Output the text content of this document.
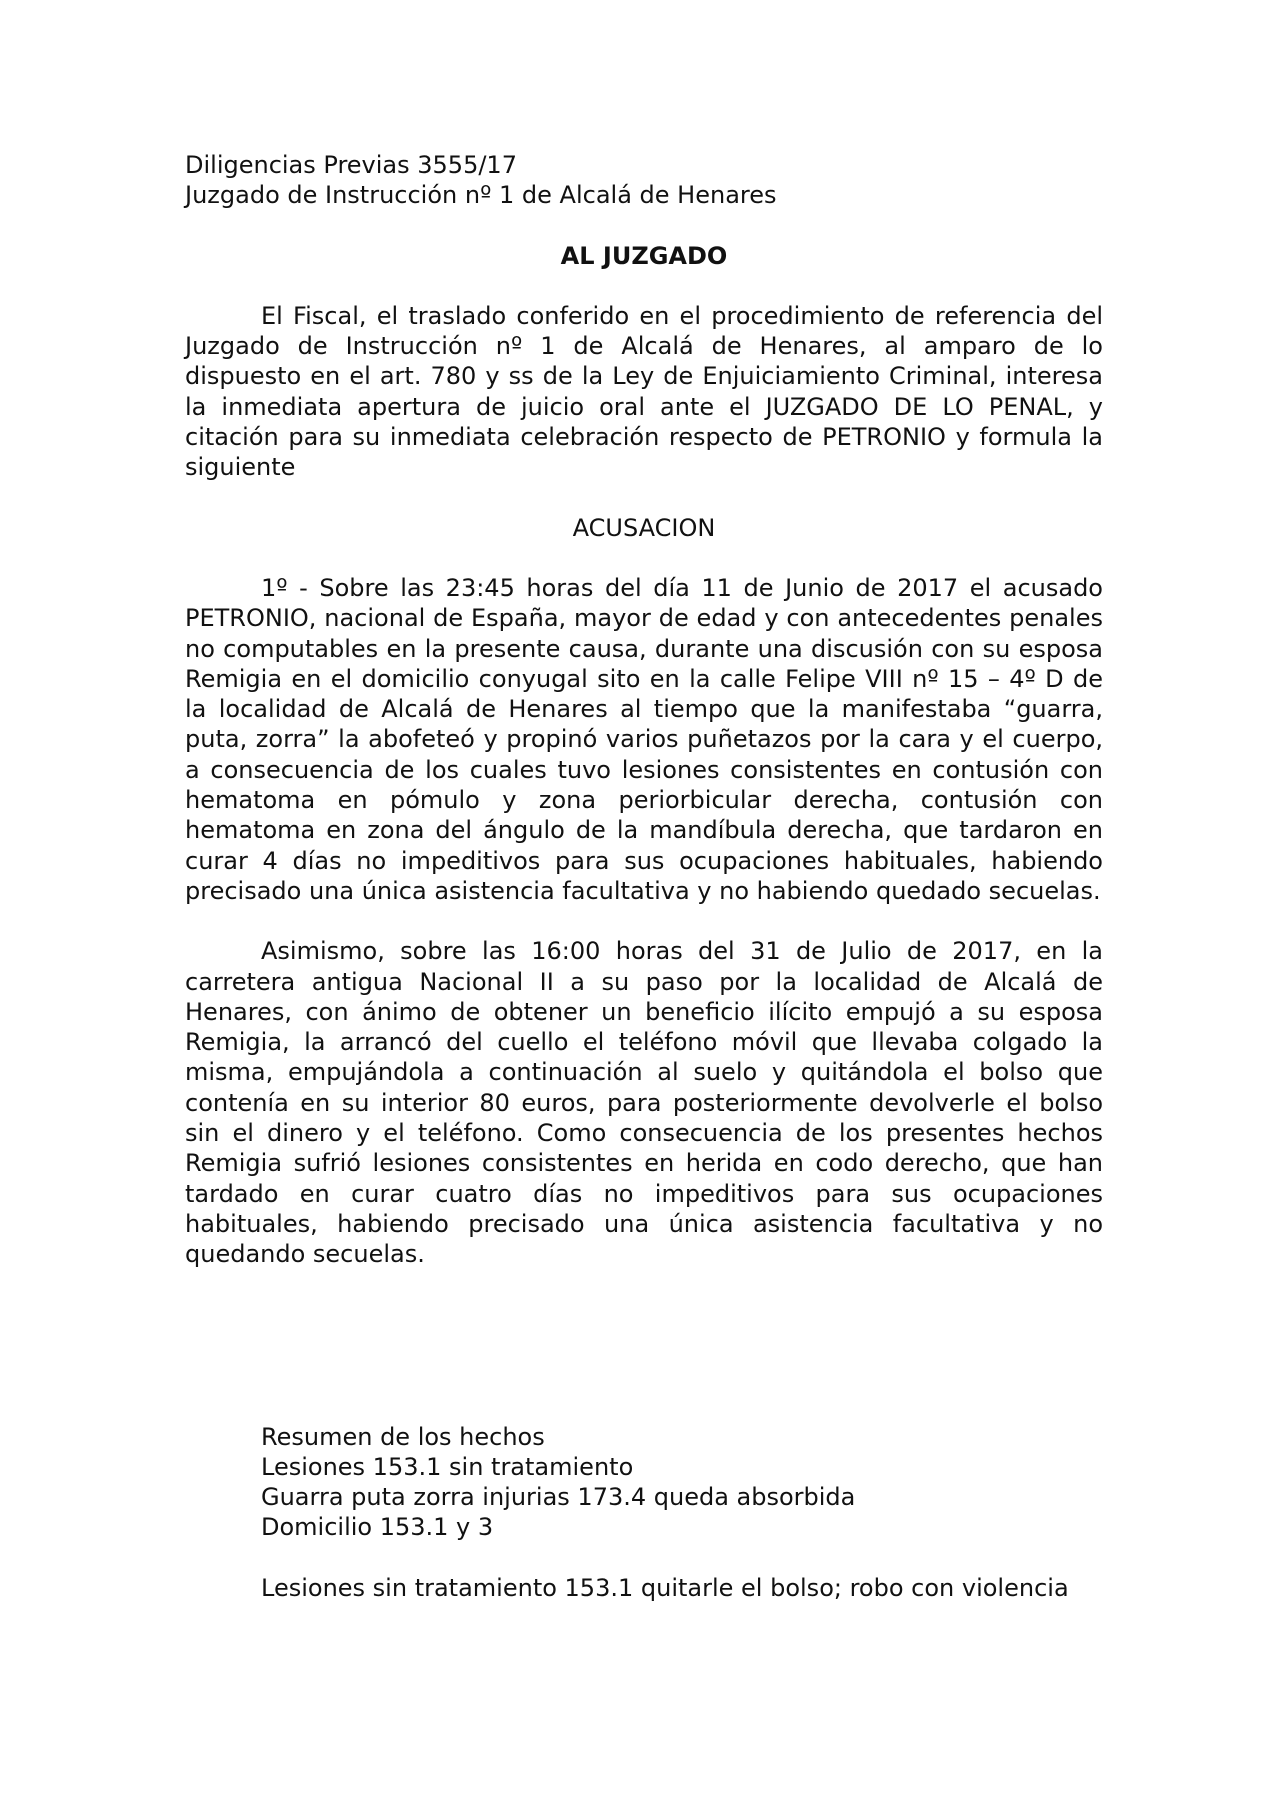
Diligencias Previas 3555/17
Juzgado de Instrucción nº 1 de Alcalá de Henares

AL JUZGADO

El Fiscal, el traslado conferido en el procedimiento de referencia del Juzgado de Instrucción nº 1 de Alcalá de Henares, al amparo de lo dispuesto en el art. 780 y ss de la Ley de Enjuiciamiento Criminal, interesa la inmediata apertura de juicio oral ante el JUZGADO DE LO PENAL, y citación para su inmediata celebración respecto de PETRONIO y formula la siguiente

ACUSACION

1º - Sobre las 23:45 horas del día 11 de Junio de 2017 el acusado PETRONIO, nacional de España, mayor de edad y con antecedentes penales no computables en la presente causa, durante una discusión con su esposa Remigia en el domicilio conyugal sito en la calle Felipe VIII nº 15 – 4º D de la localidad de Alcalá de Henares al tiempo que la manifestaba “guarra, puta, zorra” la abofeteó y propinó varios puñetazos por la cara y el cuerpo, a consecuencia de los cuales tuvo lesiones consistentes en contusión con hematoma en pómulo y zona periorbicular derecha, contusión con hematoma en zona del ángulo de la mandíbula derecha, que tardaron en curar 4 días no impeditivos para sus ocupaciones habituales, habiendo precisado una única asistencia facultativa y no habiendo quedado secuelas.

Asimismo, sobre las 16:00 horas del 31 de Julio de 2017, en la carretera antigua Nacional II a su paso por la localidad de Alcalá de Henares, con ánimo de obtener un beneficio ilícito empujó a su esposa Remigia, la arrancó del cuello el teléfono móvil que llevaba colgado la misma, empujándola a continuación al suelo y quitándola el bolso que contenía en su interior 80 euros, para posteriormente devolverle el bolso sin el dinero y el teléfono. Como consecuencia de los presentes hechos Remigia sufrió lesiones consistentes en herida en codo derecho, que han tardado en curar cuatro días no impeditivos para sus ocupaciones habituales, habiendo precisado una única asistencia facultativa y no quedando secuelas.

Resumen de los hechos
Lesiones 153.1 sin tratamiento
Guarra puta zorra injurias 173.4 queda absorbida
Domicilio 153.1 y 3

Lesiones sin tratamiento 153.1 quitarle el bolso; robo con violencia
